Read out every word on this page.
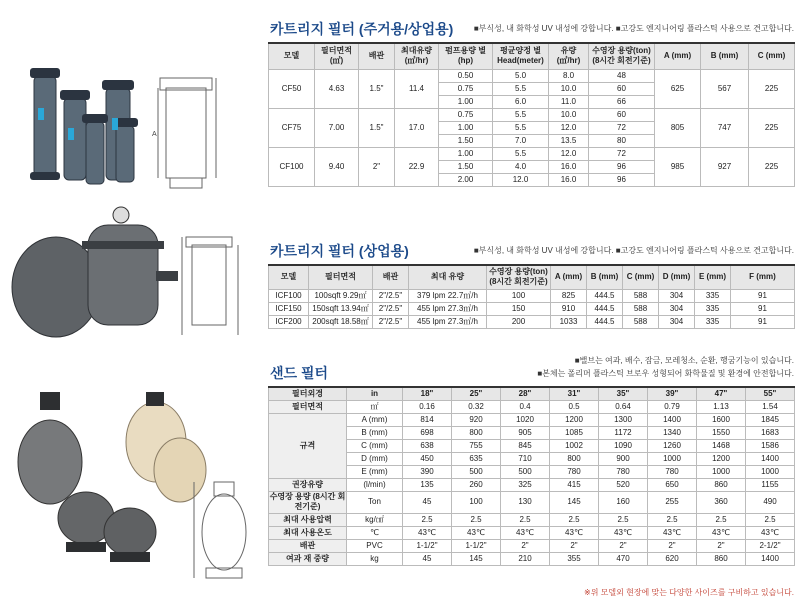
A
카트리지 필터 (주거용/상업용)	■부식성, 내 화학성 UV 내성에 강합니다. ■고강도 엔지니어링 플라스틱 사용으로 견고합니다.
모델	필터면적 (㎡)	배관	최대유량 (㎥/hr)	펌프용량 별 (hp)	평균양정 별 Head(meter)	유량 (㎥/hr)	수영장 용량(ton) (8시간 회전기준)	A (mm)	B (mm)	C (mm)
CF50	4.63	1.5"	11.4	0.50	5.0	8.0	48	625	567	225
				0.75	5.5	10.0	60			
				1.00	6.0	11.0	66			
CF75	7.00	1.5"	17.0	0.75	5.5	10.0	60	805	747	225
				1.00	5.5	12.0	72			
				1.50	7.0	13.5	80			
CF100	9.40	2"	22.9	1.00	5.5	12.0	72	985	927	225
				1.50	4.0	16.0	96			
				2.00	12.0	16.0	96			
카트리지 필터 (상업용)	■부식성, 내 화학성 UV 내성에 강합니다. ■고강도 엔지니어링 플라스틱 사용으로 견고합니다.
모델	필터면적	배관	최대 유량	수영장 용량(ton) (8시간 회전기준)	A (mm)	B (mm)	C (mm)	D (mm)	E (mm)	F (mm)
ICF100	100sqft 9.29㎡	2"/2.5"	379 lpm 22.7㎥/h	100	825	444.5	588	304	335	91
ICF150	150sqft 13.94㎡	2"/2.5"	455 lpm 27.3㎥/h	150	910	444.5	588	304	335	91
ICF200	200sqft 18.58㎡	2"/2.5"	455 lpm 27.3㎥/h	200	1033	444.5	588	304	335	91
샌드 필터
■밸브는 여과, 배수, 잠금, 모레청소, 순환, 행굼기능이 있습니다.
■본체는 폴리머 플라스틱 브로우 성형되어 화학물질 및 환경에 안전합니다.
필터외경	in	18"	25"	28"	31"	35"	39"	47"	55"
필터면적	㎡	0.16	0.32	0.4	0.5	0.64	0.79	1.13	1.54
규격	A (mm)	814	920	1020	1200	1300	1400	1600	1845
	B (mm)	698	800	905	1085	1172	1340	1550	1683
	C (mm)	638	755	845	1002	1090	1260	1468	1586
	D (mm)	450	635	710	800	900	1000	1200	1400
	E (mm)	390	500	500	780	780	780	1000	1000
권장유량	(l/min)	135	260	325	415	520	650	860	1155
수영장 용량 (8시간 회전기준)	Ton	45	100	130	145	160	255	360	490
최대 사용압력	kg/㎠	2.5	2.5	2.5	2.5	2.5	2.5	2.5	2.5
최대 사용온도	℃	43℃	43℃	43℃	43℃	43℃	43℃	43℃	43℃
배관	PVC	1-1/2"	1-1/2"	2"	2"	2"	2"	2"	2-1/2"
여과 재 중량	kg	45	145	210	355	470	620	860	1400
※위 모델외 현장에 맞는 다양한 사이즈를 구비하고 있습니다.
